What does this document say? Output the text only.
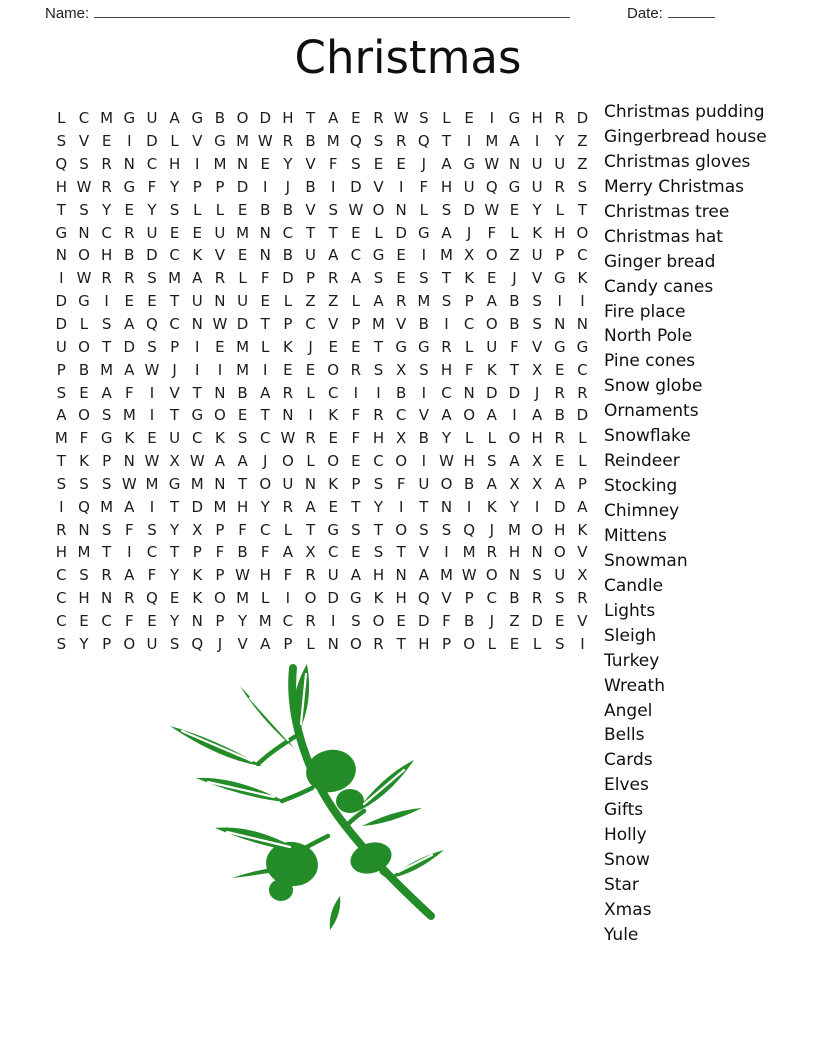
Name:	Date:
Christmas
L C M G U A G B O D H T A E R W S L E	I G H R D
S V E	I D L V G M W R B M Q S R Q T	I M A	I	Y Z
Q S R N C H I M N E Y V F S E E	J	A G W N U U Z
H W R G F Y P P D I	J	B	I D V	I	F H U Q G U R S
T S Y E Y S L L E B B V S W O N L S D W E Y L T
G N C R U E E U M N C T T E L D G A	J	F L K H O
N O H B D C K V E N B U A C G E	I M X O Z U P C
I W R R S M A R L F D P R A S E S T K E	J	V G K
D G I	E E T U N U E L Z Z L A R M S P A B S	I	I
D L S A Q C N W D T P C V P M V B	I	C O B S N N
U O T D S P	I	E M L K	J	E E T G G R L U F V G G
P B M A W J	I	I M I	E E O R S X S H F K T X E C
S E A F	I	V T N B A R L C	I	I	B	I	C N D D J	R R
A O S M I	T G O E T N I	K F R C V A O A	I	A B D
M F G K E U C K S C W R E F H X B Y L L O H R L
T K P N W X W A A	J O L O E C O I W H S A X E L
S S S W M G M N T O U N K P S F U O B A X X A P
I Q M A	I	T D M H Y R A E T Y	I	T N I	K Y	I D A
R N S F S Y X P F C L T G S T O S S Q J M O H K
H M T	I	C T P F B F A X C E S T V	I M R H N O V
C S R A F Y K P W H F R U A H N A M W O N S U X
C H N R Q E K O M L	I O D G K H Q V P C B R S R
C E C F E Y N P Y M C R	I	S O E D F B	J	Z D E V
S Y P O U S Q J	V A P L N O R T H P O L E L S	I
Christmas pudding
Gingerbread house
Christmas gloves
Merry Christmas
Christmas tree
Christmas hat
Ginger bread
Candy canes
Fire place
North Pole
Pine cones
Snow globe
Ornaments
Snowflake
Reindeer
Stocking
Chimney
Mittens
Snowman
Candle
Lights
Sleigh
Turkey
Wreath
Angel
Bells
Cards
Elves
Gifts
Holly
Snow
Star
Xmas
Yule
